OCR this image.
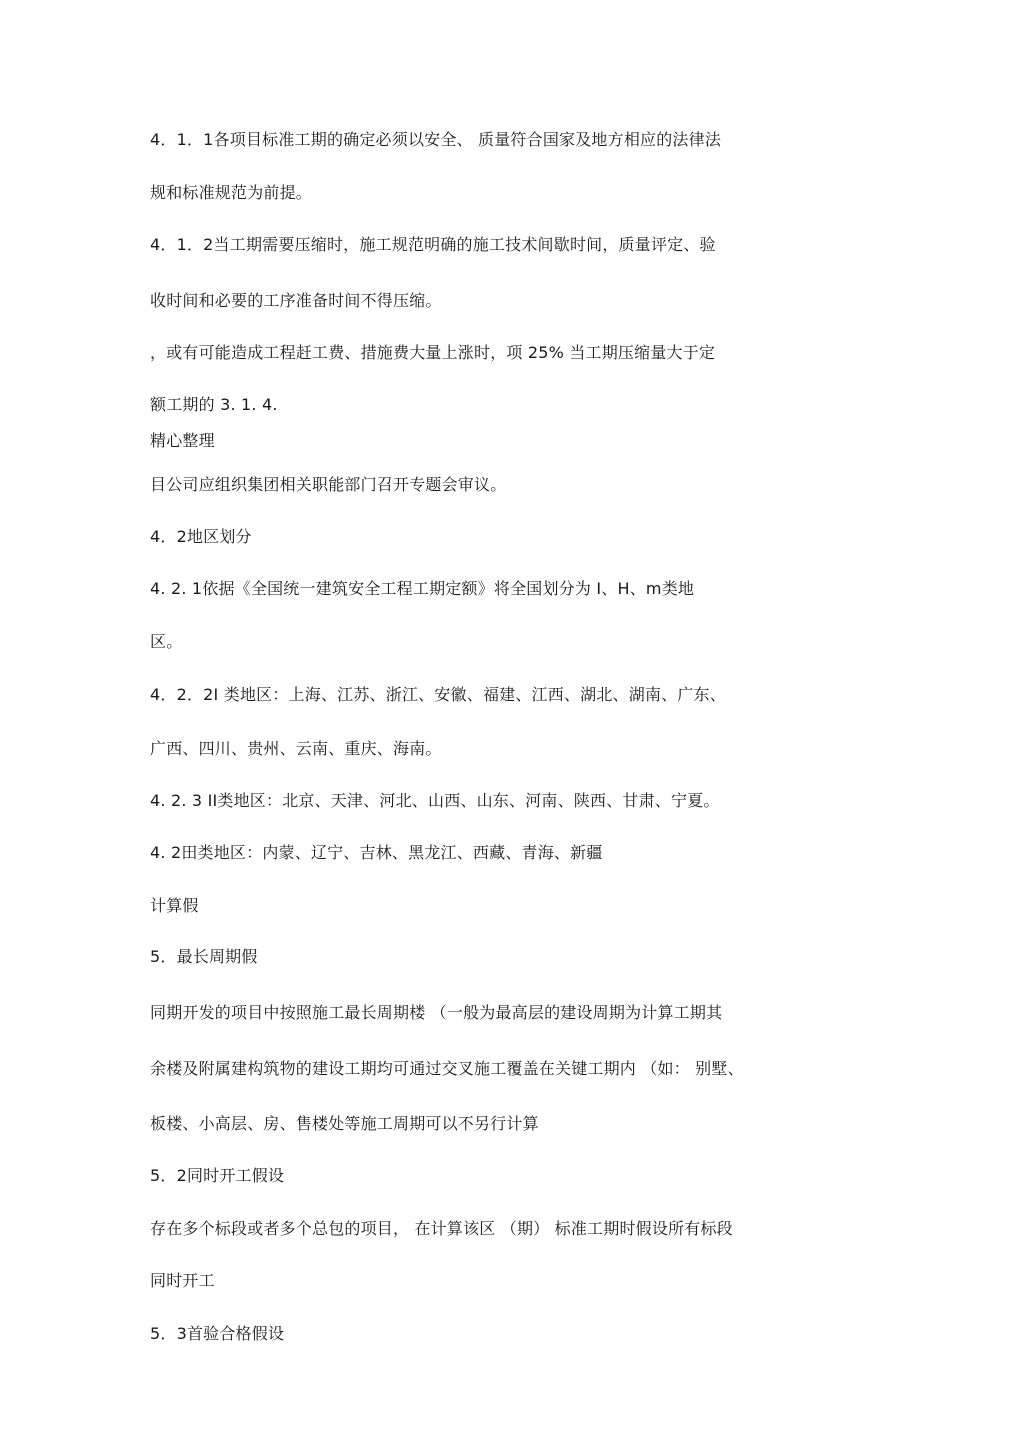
4．1．1各项目标准工期的确定必须以安全、 质量符合国家及地方相应的法律法
规和标准规范为前提。
4．1．2当工期需要压缩时，施工规范明确的施工技术间歇时间，质量评定、验
收时间和必要的工序准备时间不得压缩。
，或有可能造成工程赶工费、措施费大量上涨时，项 25% 当工期压缩量大于定
额工期的 3. 1. 4.
精心整理
目公司应组织集团相关职能部门召开专题会审议。
4．2地区划分
4. 2. 1依据《全国统一建筑安全工程工期定额》将全国划分为 I、H、m类地
区。
4．2．2I 类地区：上海、江苏、浙江、安徽、福建、江西、湖北、湖南、广东、
广西、四川、贵州、云南、重庆、海南。
4. 2. 3 II类地区：北京、天津、河北、山西、山东、河南、陕西、甘肃、宁夏。
4. 2田类地区：内蒙、辽宁、吉林、黑龙江、西藏、青海、新疆
计算假
5．最长周期假
同期开发的项目中按照施工最长周期楼 （一般为最高层的建设周期为计算工期其
余楼及附属建构筑物的建设工期均可通过交叉施工覆盖在关键工期内 （如： 别墅、
板楼、小高层、房、售楼处等施工周期可以不另行计算
5．2同时开工假设
存在多个标段或者多个总包的项目， 在计算该区 （期） 标准工期时假设所有标段
同时开工
5．3首验合格假设
